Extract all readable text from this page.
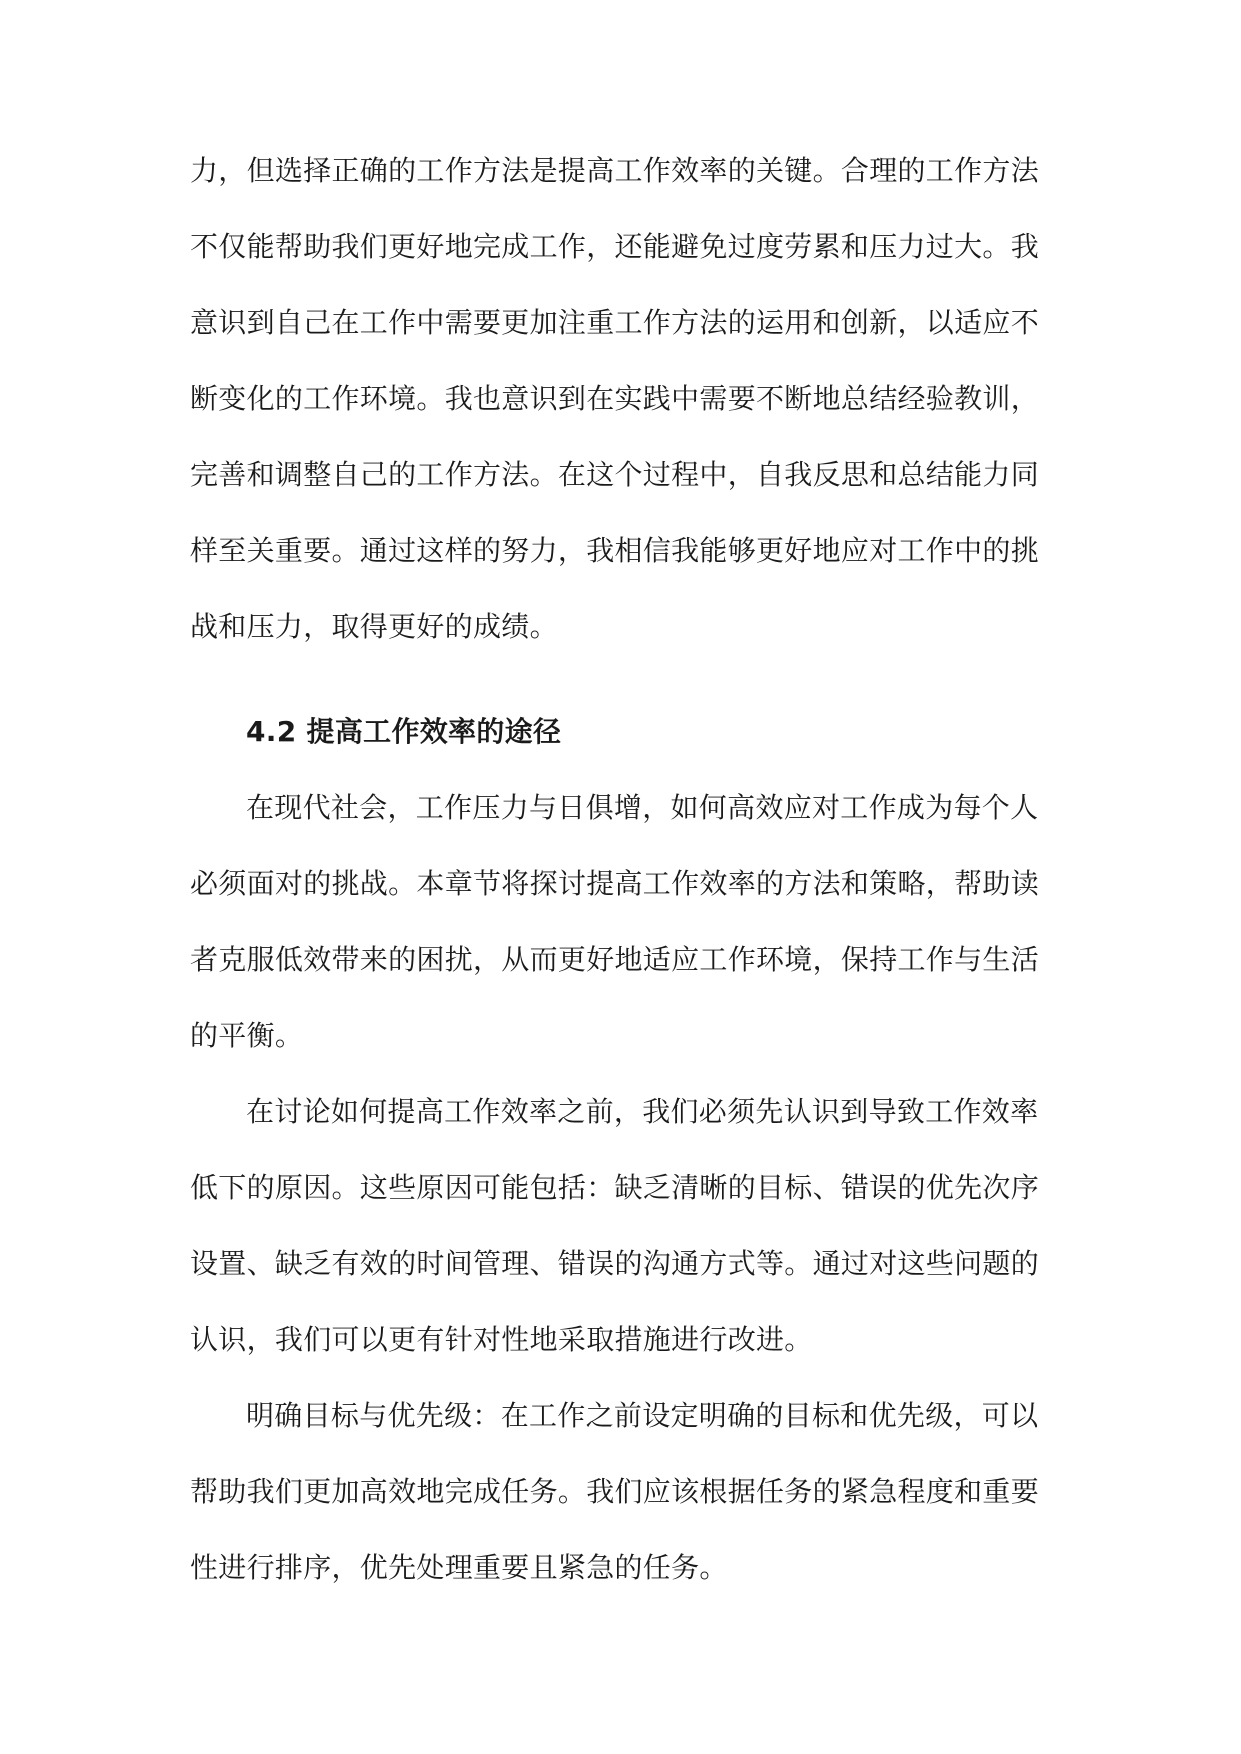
力，但选择正确的工作方法是提高工作效率的关键。合理的工作方法
不仅能帮助我们更好地完成工作，还能避免过度劳累和压力过大。我
意识到自己在工作中需要更加注重工作方法的运用和创新，以适应不
断变化的工作环境。我也意识到在实践中需要不断地总结经验教训，
完善和调整自己的工作方法。在这个过程中，自我反思和总结能力同
样至关重要。通过这样的努力，我相信我能够更好地应对工作中的挑
战和压力，取得更好的成绩。
4.2 提高工作效率的途径
在现代社会，工作压力与日俱增，如何高效应对工作成为每个人
必须面对的挑战。本章节将探讨提高工作效率的方法和策略，帮助读
者克服低效带来的困扰，从而更好地适应工作环境，保持工作与生活
的平衡。
在讨论如何提高工作效率之前，我们必须先认识到导致工作效率
低下的原因。这些原因可能包括：缺乏清晰的目标、错误的优先次序
设置、缺乏有效的时间管理、错误的沟通方式等。通过对这些问题的
认识，我们可以更有针对性地采取措施进行改进。
明确目标与优先级：在工作之前设定明确的目标和优先级，可以
帮助我们更加高效地完成任务。我们应该根据任务的紧急程度和重要
性进行排序，优先处理重要且紧急的任务。
